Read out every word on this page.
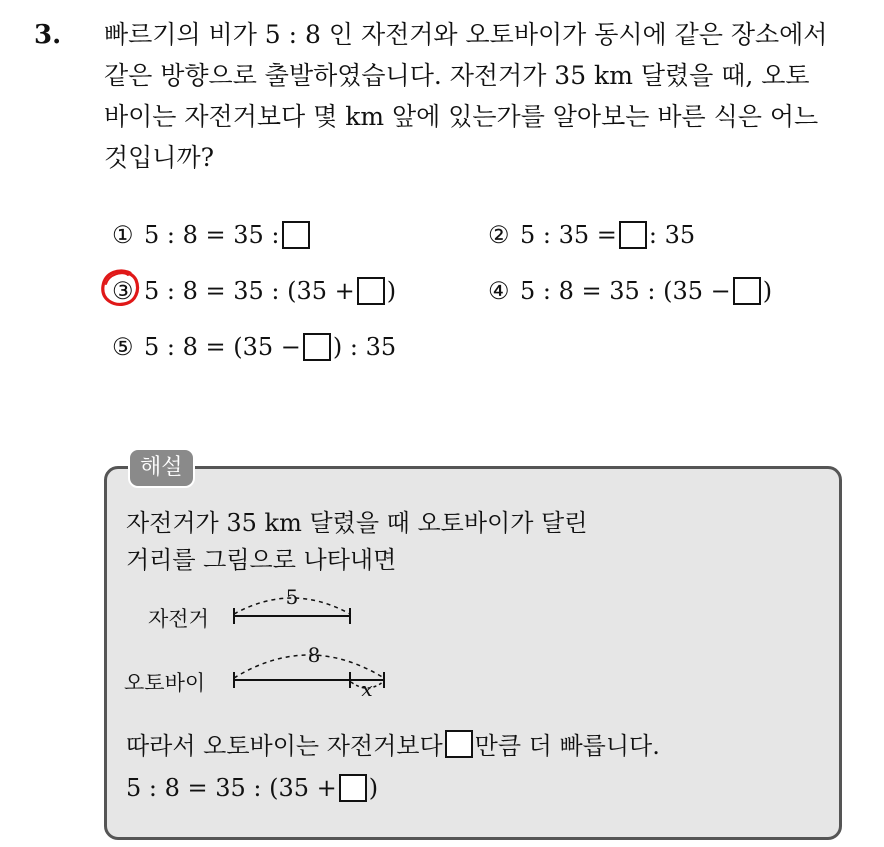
3. 빠르기의 비가 5 : 8 인 자전거와 오토바이가 동시에 같은 장소에서
같은 방향으로 출발하였습니다. 자전거가 35 km 달렸을 때, 오토
바이는 자전거보다 몇 km 앞에 있는가를 알아보는 바른 식은 어느
것입니까?
① 5 : 8 = 35 :	② 5 : 35 = : 35
③ 5 : 8 = 35 : (35 + )	④ 5 : 8 = 35 : (35 − )
⑤ 5 : 8 = (35 − ) : 35
해설
자전거가 35 km 달렸을 때 오토바이가 달린
거리를 그림으로 나타내면
자전거
오토바이
5
8
x
따라서 오토바이는 자전거보다 만큼 더 빠릅니다.
5 : 8 = 35 : (35 + )
